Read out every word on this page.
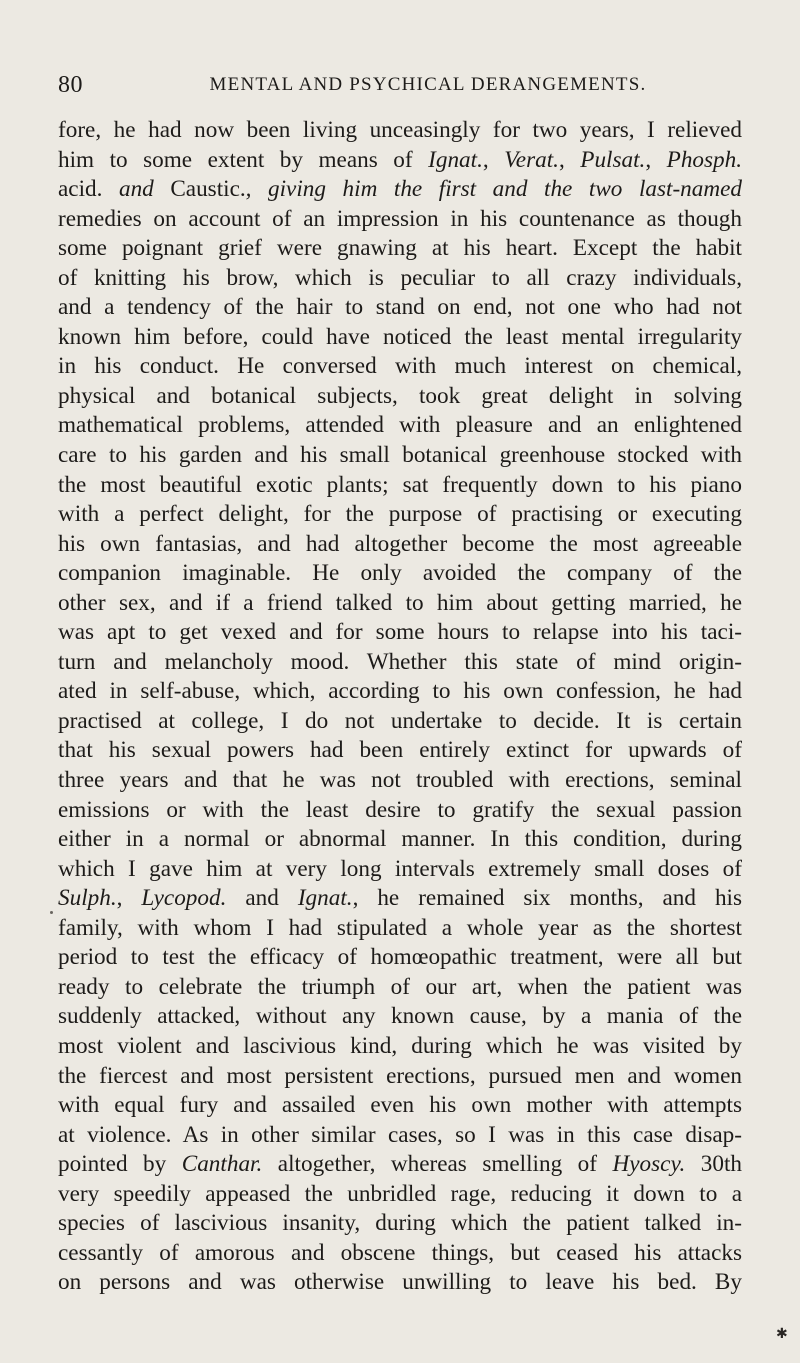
80	MENTAL AND PSYCHICAL DERANGEMENTS.
fore, he had now been living unceasingly for two years, I relieved
him to some extent by means of Ignat., Verat., Pulsat., Phosph.
acid. and Caustic., giving him the first and the two last-named
remedies on account of an impression in his countenance as though
some poignant grief were gnawing at his heart. Except the habit
of knitting his brow, which is peculiar to all crazy individuals,
and a tendency of the hair to stand on end, not one who had not
known him before, could have noticed the least mental irregularity
in his conduct. He conversed with much interest on chemical,
physical and botanical subjects, took great delight in solving
mathematical problems, attended with pleasure and an enlightened
care to his garden and his small botanical greenhouse stocked with
the most beautiful exotic plants; sat frequently down to his piano
with a perfect delight, for the purpose of practising or executing
his own fantasias, and had altogether become the most agreeable
companion imaginable. He only avoided the company of the
other sex, and if a friend talked to him about getting married, he
was apt to get vexed and for some hours to relapse into his taci-
turn and melancholy mood. Whether this state of mind origin-
ated in self-abuse, which, according to his own confession, he had
practised at college, I do not undertake to decide. It is certain
that his sexual powers had been entirely extinct for upwards of
three years and that he was not troubled with erections, seminal
emissions or with the least desire to gratify the sexual passion
either in a normal or abnormal manner. In this condition, during
which I gave him at very long intervals extremely small doses of
Sulph., Lycopod. and Ignat., he remained six months, and his
family, with whom I had stipulated a whole year as the shortest
period to test the efficacy of homœopathic treatment, were all but
ready to celebrate the triumph of our art, when the patient was
suddenly attacked, without any known cause, by a mania of the
most violent and lascivious kind, during which he was visited by
the fiercest and most persistent erections, pursued men and women
with equal fury and assailed even his own mother with attempts
at violence. As in other similar cases, so I was in this case disap-
pointed by Canthar. altogether, whereas smelling of Hyoscy. 30th
very speedily appeased the unbridled rage, reducing it down to a
species of lascivious insanity, during which the patient talked in-
cessantly of amorous and obscene things, but ceased his attacks
on persons and was otherwise unwilling to leave his bed. By
✱
